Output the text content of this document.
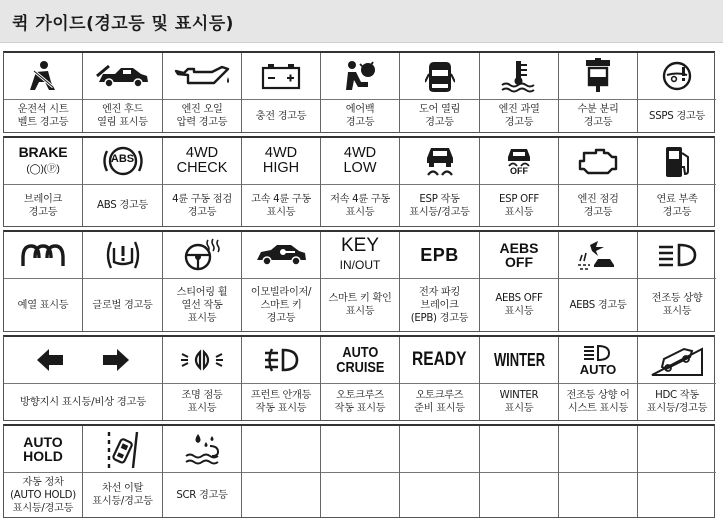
퀵 가이드(경고등 및 표시등)
운전석 시트
벨트 경고등
엔진 후드
열림 표시등
엔진 오일
압력 경고등
충전 경고등
에어백
경고등
도어 열림
경고등
엔진 과열
경고등
수분 분리
경고등
SSPS 경고등
BRAKE
(◯)(Ⓟ)
브레이크
경고등
ABS
ABS 경고등
4WD
CHECK
4륜 구동 점검
경고등
4WD
HIGH
고속 4륜 구동
표시등
4WD
LOW
저속 4륜 구동
표시등
ESP 작동
표시등/경고등
OFF
ESP OFF
표시등
엔진 점검
경고등
연료 부족
경고등
예열 표시등	글로벌 경고등
스티어링 휠
열선 작동
표시등
이모빌라이저/
스마트 키
경고등
KEY
IN/OUT
스마트 키 확인
표시등
EPB
전자 파킹
브레이크
(EPB) 경고등
AEBS
OFF
AEBS OFF
표시등
AEBS 경고등
전조등 상향
표시등
방향지시 표시등/비상 경고등	조명 점등
표시등
프런트 안개등
작동 표시등
AUTO
CRUISE
오토크루즈
작동 표시등
READY
오토크루즈
준비 표시등
WINTER
WINTER
표시등
AUTO
전조등 상향 어
시스트 표시등
HDC 작동
표시등/경고등
AUTO
HOLD
자동 정차
(AUTO HOLD)
표시등/경고등
차선 이탈
표시등/경고등
SCR 경고등
